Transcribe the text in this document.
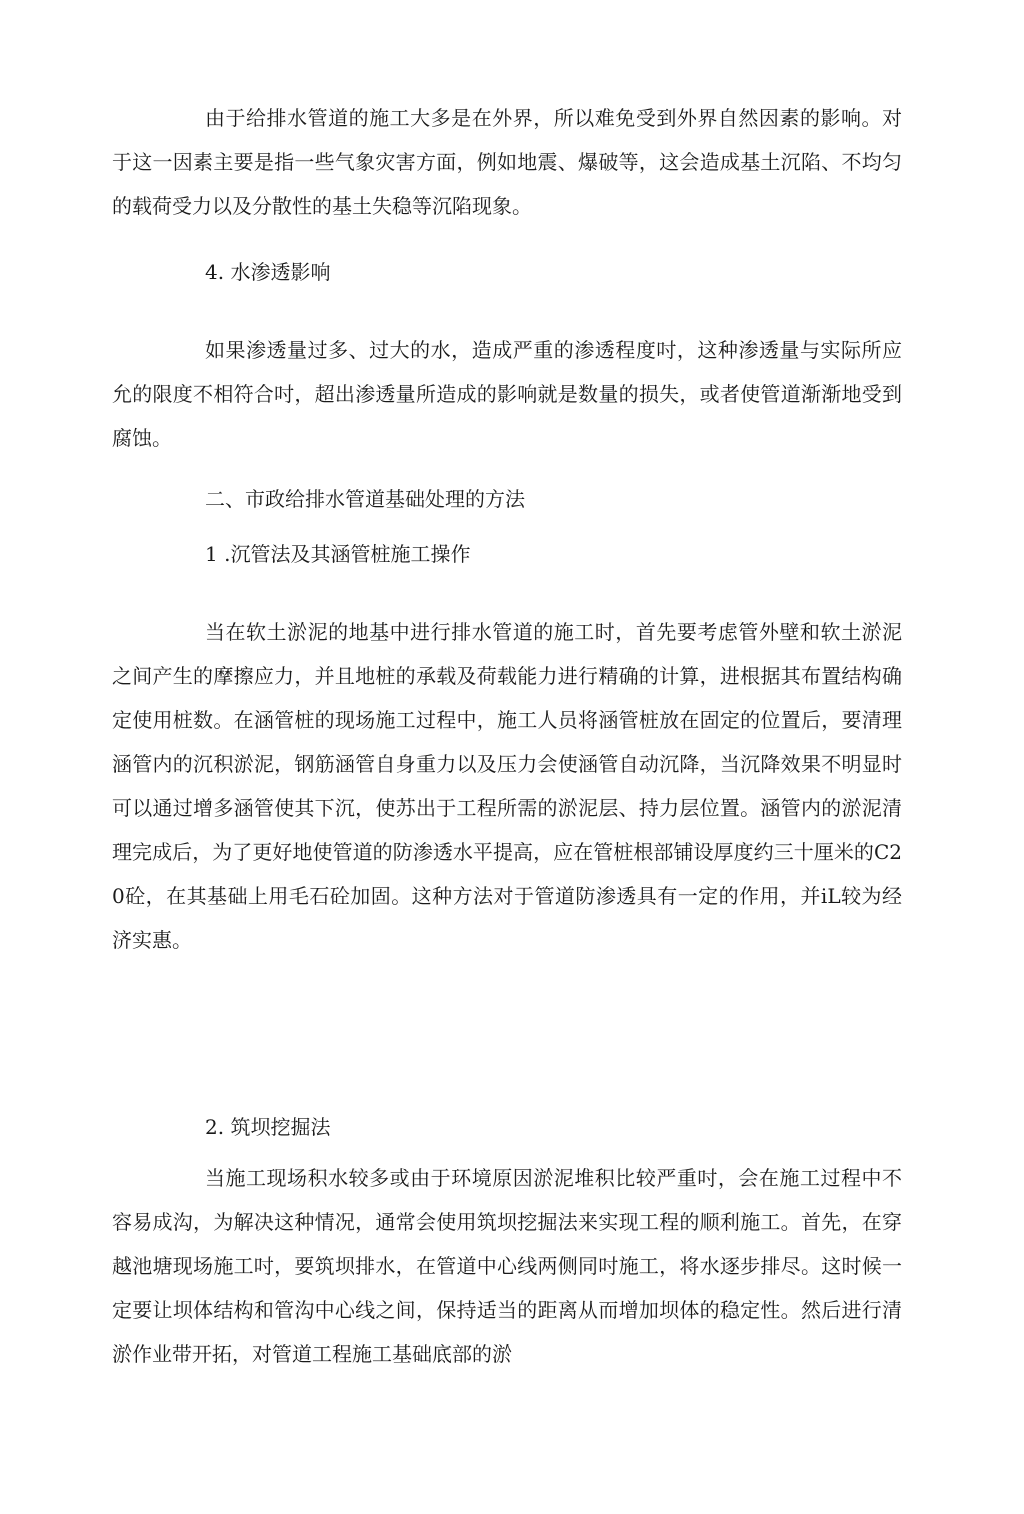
由于给排水管道的施工大多是在外界，所以难免受到外界自然因素的影响。对于这一因素主要是指一些气象灾害方面，例如地震、爆破等，这会造成基土沉陷、不均匀的载荷受力以及分散性的基土失稳等沉陷现象。

4. 水渗透影响

如果渗透量过多、过大的水，造成严重的渗透程度吋，这种渗透量与实际所应允的限度不相符合吋，超出渗透量所造成的影响就是数量的损失，或者使管道渐渐地受到腐蚀。

二、市政给排水管道基础处理的方法

1 .沉管法及其涵管桩施工操作

当在软土淤泥的地基中进行排水管道的施工时，首先要考虑管外壁和软土淤泥之间产生的摩擦应力，并且地桩的承载及荷载能力进行精确的计算，进根据其布置结构确定使用桩数。在涵管桩的现场施工过程中，施工人员将涵管桩放在固定的位置后，要清理涵管内的沉积淤泥，钢筋涵管自身重力以及压力会使涵管自动沉降，当沉降效果不明显时可以通过增多涵管使其下沉，使苏出于工程所需的淤泥层、持力层位置。涵管内的淤泥清理完成后，为了更好地使管道的防渗透水平提高，应在管桩根部铺设厚度约三十厘米的C20砼，在其基础上用毛石砼加固。这种方法对于管道防渗透具有一定的作用，并iL较为经济实惠。

2. 筑坝挖掘法

当施工现场积水较多或由于环境原因淤泥堆积比较严重吋，会在施工过程中不容易成沟，为解决这种情况，通常会使用筑坝挖掘法来实现工程的顺利施工。首先，在穿越池塘现场施工吋，要筑坝排水，在管道中心线两侧同吋施工，将水逐步排尽。这时候一定要让坝体结构和管沟中心线之间，保持适当的距离从而增加坝体的稳定性。然后进行清淤作业带开拓，对管道工程施工基础底部的淤
